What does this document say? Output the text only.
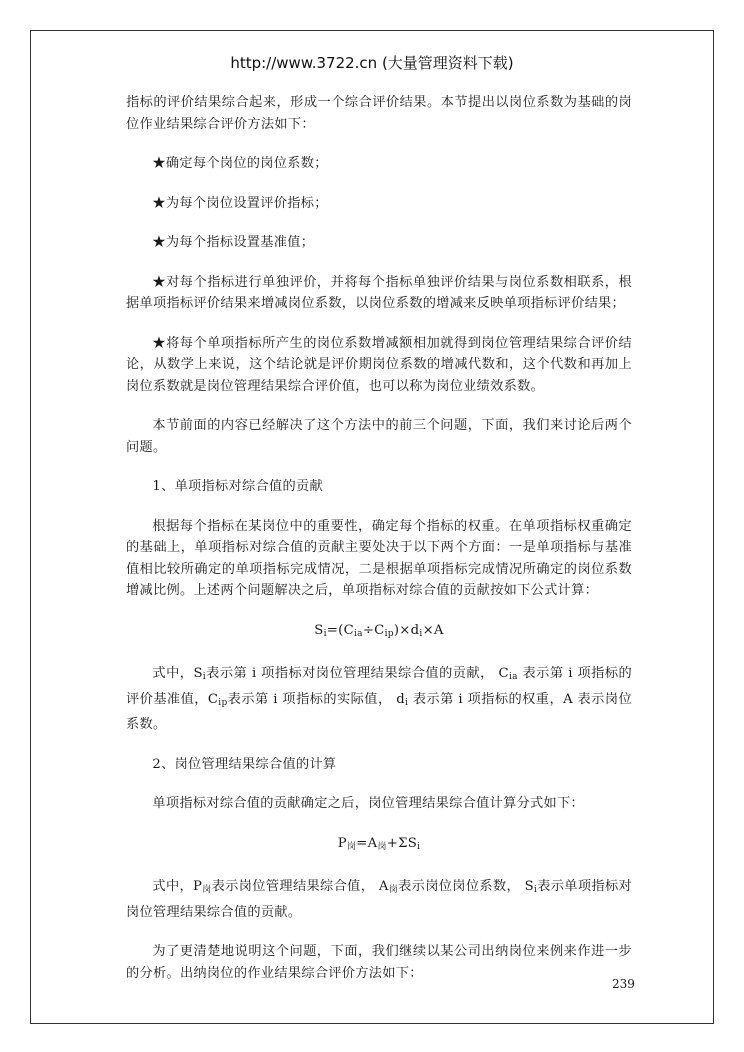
http://www.3722.cn (大量管理资料下载)

指标的评价结果综合起来，形成一个综合评价结果。本节提出以岗位系数为基础的岗位作业结果综合评价方法如下：

★确定每个岗位的岗位系数；

★为每个岗位设置评价指标；

★为每个指标设置基准值；

★对每个指标进行单独评价，并将每个指标单独评价结果与岗位系数相联系，根据单项指标评价结果来增减岗位系数，以岗位系数的增减来反映单项指标评价结果；

★将每个单项指标所产生的岗位系数增减额相加就得到岗位管理结果综合评价结论，从数学上来说，这个结论就是评价期岗位系数的增减代数和，这个代数和再加上岗位系数就是岗位管理结果综合评价值，也可以称为岗位业绩效系数。

本节前面的内容已经解决了这个方法中的前三个问题，下面，我们来讨论后两个问题。

1、单项指标对综合值的贡献

根据每个指标在某岗位中的重要性，确定每个指标的权重。在单项指标权重确定的基础上，单项指标对综合值的贡献主要处决于以下两个方面：一是单项指标与基准值相比较所确定的单项指标完成情况，二是根据单项指标完成情况所确定的岗位系数增减比例。上述两个问题解决之后，单项指标对综合值的贡献按如下公式计算：

$S_i=(C_{ia}\div C_{ip})\times d_i\times A$

式中，$S_i$表示第 i 项指标对岗位管理结果综合值的贡献， $C_{ia}$ 表示第 i 项指标的评价基准值，$C_{ip}$表示第 i 项指标的实际值， $d_i$ 表示第 i 项指标的权重，A 表示岗位系数。

2、岗位管理结果综合值的计算

单项指标对综合值的贡献确定之后，岗位管理结果综合值计算分式如下：

$P_岗=A_岗+\Sigma S_i$

式中，$P_岗$表示岗位管理结果综合值， $A_岗$表示岗位岗位系数， $S_i$表示单项指标对岗位管理结果综合值的贡献。

为了更清楚地说明这个问题，下面，我们继续以某公司出纳岗位来例来作进一步的分析。出纳岗位的作业结果综合评价方法如下：

239
